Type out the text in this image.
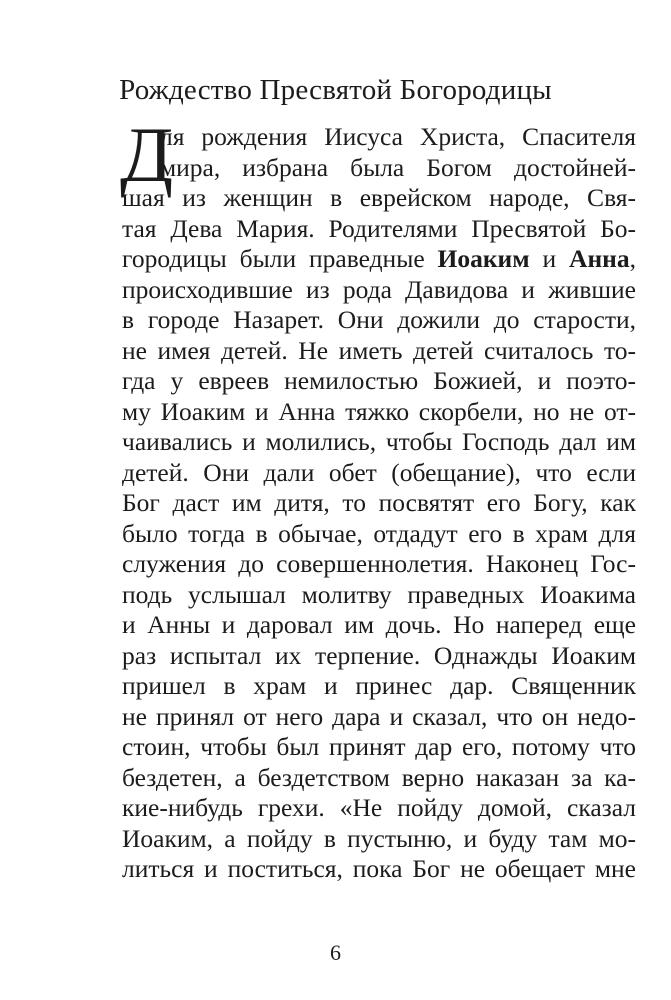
Рождество Пресвятой Богородицы
Д
ля рождения Иисуса Христа, Спасителя
мира, избрана была Богом достойней-
шая из женщин в еврейском народе, Свя-
тая Дева Мария. Родителями Пресвятой Бо-
городицы были праведные Иоаким и Анна,
происходившие из рода Давидова и жившие
в городе Назарет. Они дожили до старости,
не имея детей. Не иметь детей считалось то-
гда у евреев немилостью Божией, и поэто-
му Иоаким и Анна тяжко скорбели, но не от-
чаивались и молились, чтобы Господь дал им
детей. Они дали обет (обещание), что если
Бог даст им дитя, то посвятят его Богу, как
было тогда в обычае, отдадут его в храм для
служения до совершеннолетия. Наконец Гос-
подь услышал молитву праведных Иоакима
и Анны и даровал им дочь. Но наперед еще
раз испытал их терпение. Однажды Иоаким
пришел в храм и принес дар. Священник
не принял от него дара и сказал, что он недо-
стоин, чтобы был принят дар его, потому что
бездетен, а бездетством верно наказан за ка-
кие-нибудь грехи. «Не пойду домой, сказал
Иоаким, а пойду в пустыню, и буду там мо-
литься и поститься, пока Бог не обещает мне
6
